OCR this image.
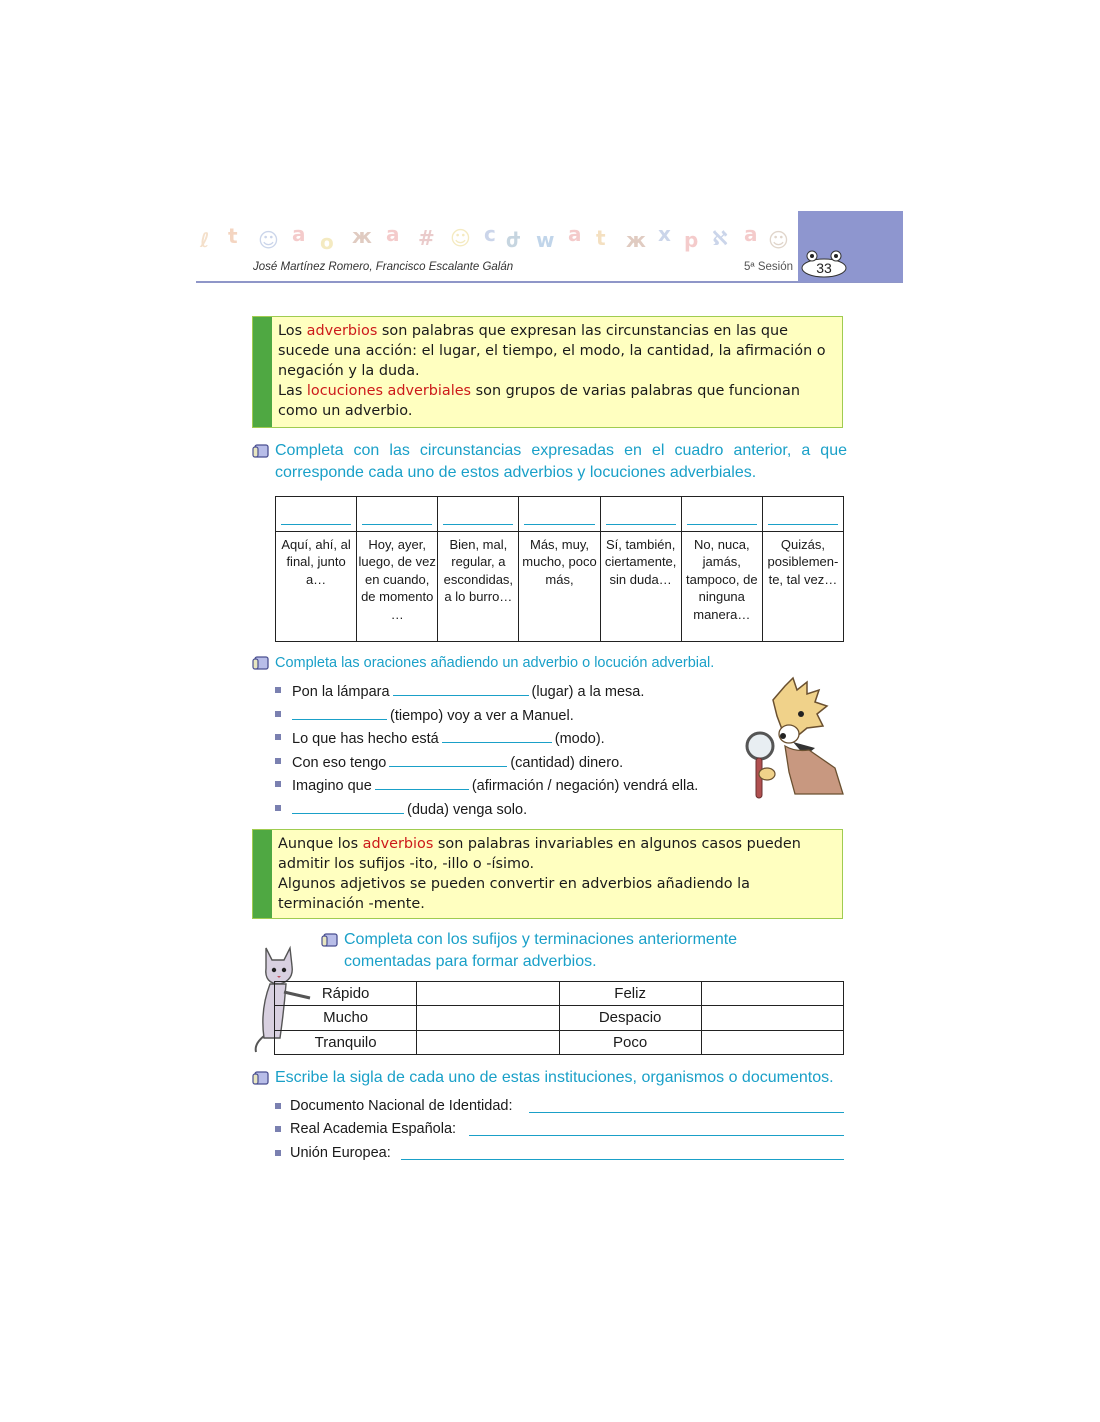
ℓ t ☺ a o ж a # ☺ c ժ w a t ж x p ℵ a ☺
José Martínez Romero, Francisco Escalante Galán	5ª Sesión	33

Los adverbios son palabras que expresan las circunstancias en las que sucede una acción: el lugar, el tiempo, el modo, la cantidad, la afirmación o negación y la duda.

Las locuciones adverbiales son grupos de varias palabras que funcionan como un adverbio.

Completa con las circunstancias expresadas en el cuadro anterior, a que corresponde cada uno de estos adverbios y locuciones adverbiales.

Aquí, ahí, al final, junto a…	Hoy, ayer, luego, de vez en cuando, de momento …	Bien, mal, regular, a escondidas, a lo burro…	Más, muy, mucho, poco más,	Sí, también, ciertamente, sin duda…	No, nuca, jamás, tampoco, de ninguna manera…	Quizás, posiblemen-te, tal vez…
Completa las oraciones añadiendo un adverbio o locución adverbial.
Pon la lámpara	(lugar) a la mesa.
(tiempo) voy a ver a Manuel.
Lo que has hecho está	(modo).
Con eso tengo	(cantidad) dinero.
Imagino que	(afirmación / negación) vendrá ella.
(duda) venga solo.

Aunque los adverbios son palabras invariables en algunos casos pueden admitir los sufijos -ito, -illo o -ísimo.

Algunos adjetivos se pueden convertir en adverbios añadiendo la terminación -mente.

Completa con los sufijos y terminaciones anteriormente comentadas para formar adverbios.
Rápido		Feliz	
Mucho		Despacio	
Tranquilo		Poco	
Escribe la sigla de cada uno de estas instituciones, organismos o documentos.
Documento Nacional de Identidad:
Real Academia Española:
Unión Europea:
